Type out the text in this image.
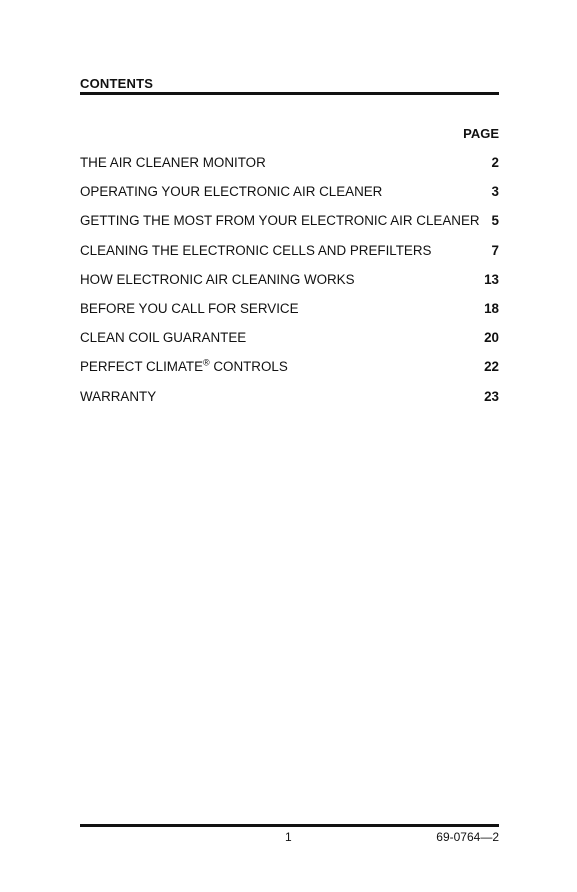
CONTENTS
PAGE
THE AIR CLEANER MONITOR	2
OPERATING YOUR ELECTRONIC AIR CLEANER	3
GETTING THE MOST FROM YOUR ELECTRONIC AIR CLEANER 5
CLEANING THE ELECTRONIC CELLS AND PREFILTERS	7
HOW ELECTRONIC AIR CLEANING WORKS	13
BEFORE YOU CALL FOR SERVICE	18
CLEAN COIL GUARANTEE	20
PERFECT CLIMATE® CONTROLS	22
WARRANTY	23
1	69-0764—2
